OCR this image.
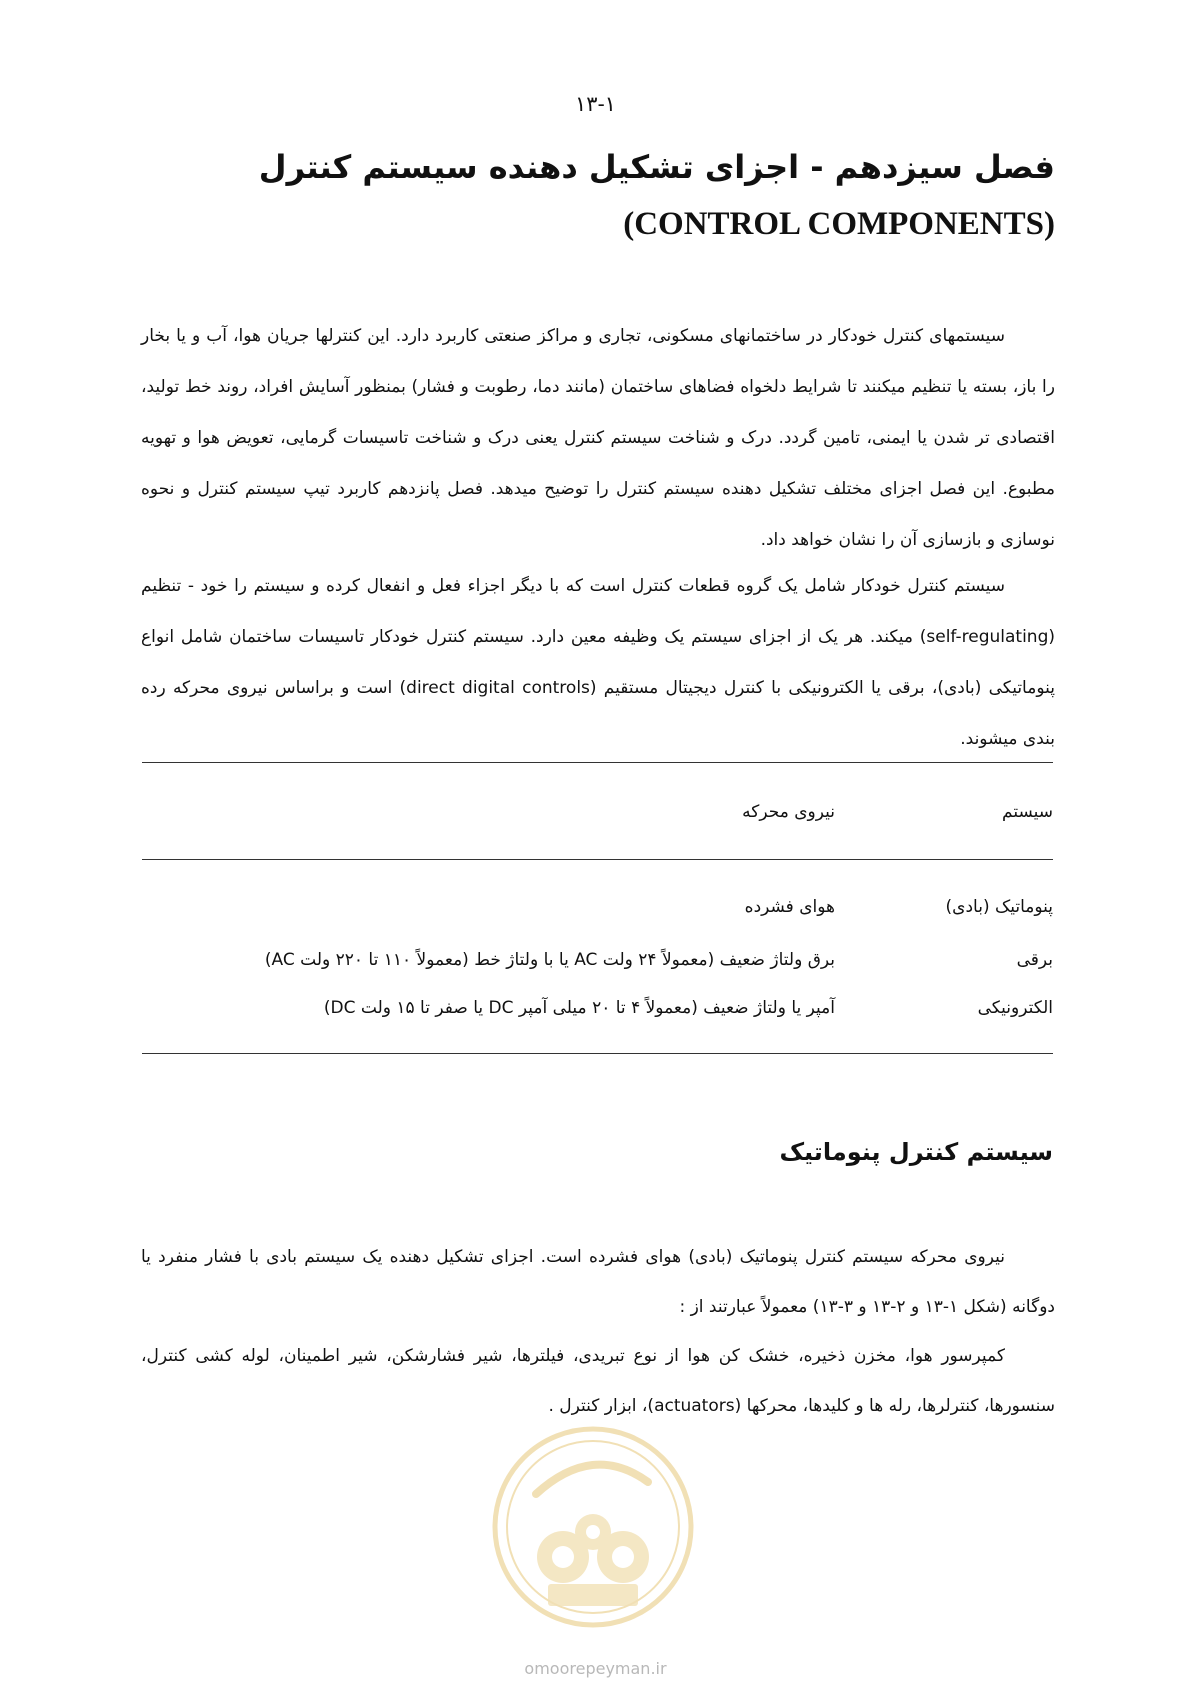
۱۳-۱
فصل سیزدهم - اجزای تشکیل دهنده سیستم کنترل
(CONTROL COMPONENTS)

سیستمهای کنترل خودکار در ساختمانهای مسکونی، تجاری و مراکز صنعتی کاربرد دارد. این کنترلها جریان هوا، آب و یا بخار را باز، بسته یا تنظیم میکنند تا شرایط دلخواه فضاهای ساختمان (مانند دما، رطوبت و فشار) بمنظور آسایش افراد، روند خط تولید، اقتصادی تر شدن یا ایمنی، تامین گردد. درک و شناخت سیستم کنترل یعنی درک و شناخت تاسیسات گرمایی، تعویض هوا و تهویه مطبوع. این فصل اجزای مختلف تشکیل دهنده سیستم کنترل را توضیح میدهد. فصل پانزدهم کاربرد تیپ سیستم کنترل و نحوه نوسازی و بازسازی آن را نشان خواهد داد.

سیستم کنترل خودکار شامل یک گروه قطعات کنترل است که با دیگر اجزاء فعل و انفعال کرده و سیستم را خود - تنظیم (self-regulating) میکند. هر یک از اجزای سیستم یک وظیفه معین دارد. سیستم کنترل خودکار تاسیسات ساختمان شامل انواع پنوماتیکی (بادی)، برقی یا الکترونیکی با کنترل دیجیتال مستقیم (direct digital controls) است و براساس نیروی محرکه رده بندی میشوند.

سیستم
نیروی محرکه
پنوماتیک (بادی)
هوای فشرده
برقی
برق ولتاژ ضعیف (معمولاً ۲۴ ولت AC یا با ولتاژ خط (معمولاً ۱۱۰ تا ۲۲۰ ولت AC)
الکترونیکی
آمپر یا ولتاژ ضعیف (معمولاً ۴ تا ۲۰ میلی آمپر DC یا صفر تا ۱۵ ولت DC)
سیستم کنترل پنوماتیک

نیروی محرکه سیستم کنترل پنوماتیک (بادی) هوای فشرده است. اجزای تشکیل دهنده یک سیستم بادی با فشار منفرد یا دوگانه (شکل ۱-۱۳ و ۲-۱۳ و ۳-۱۳) معمولاً عبارتند از :

کمپرسور هوا، مخزن ذخیره، خشک کن هوا از نوع تبریدی، فیلترها، شیر فشارشکن، شیر اطمینان، لوله کشی کنترل، سنسورها، کنترلرها، رله ها و کلیدها، محرکها (actuators)، ابزار کنترل .

omoorepeyman.ir
